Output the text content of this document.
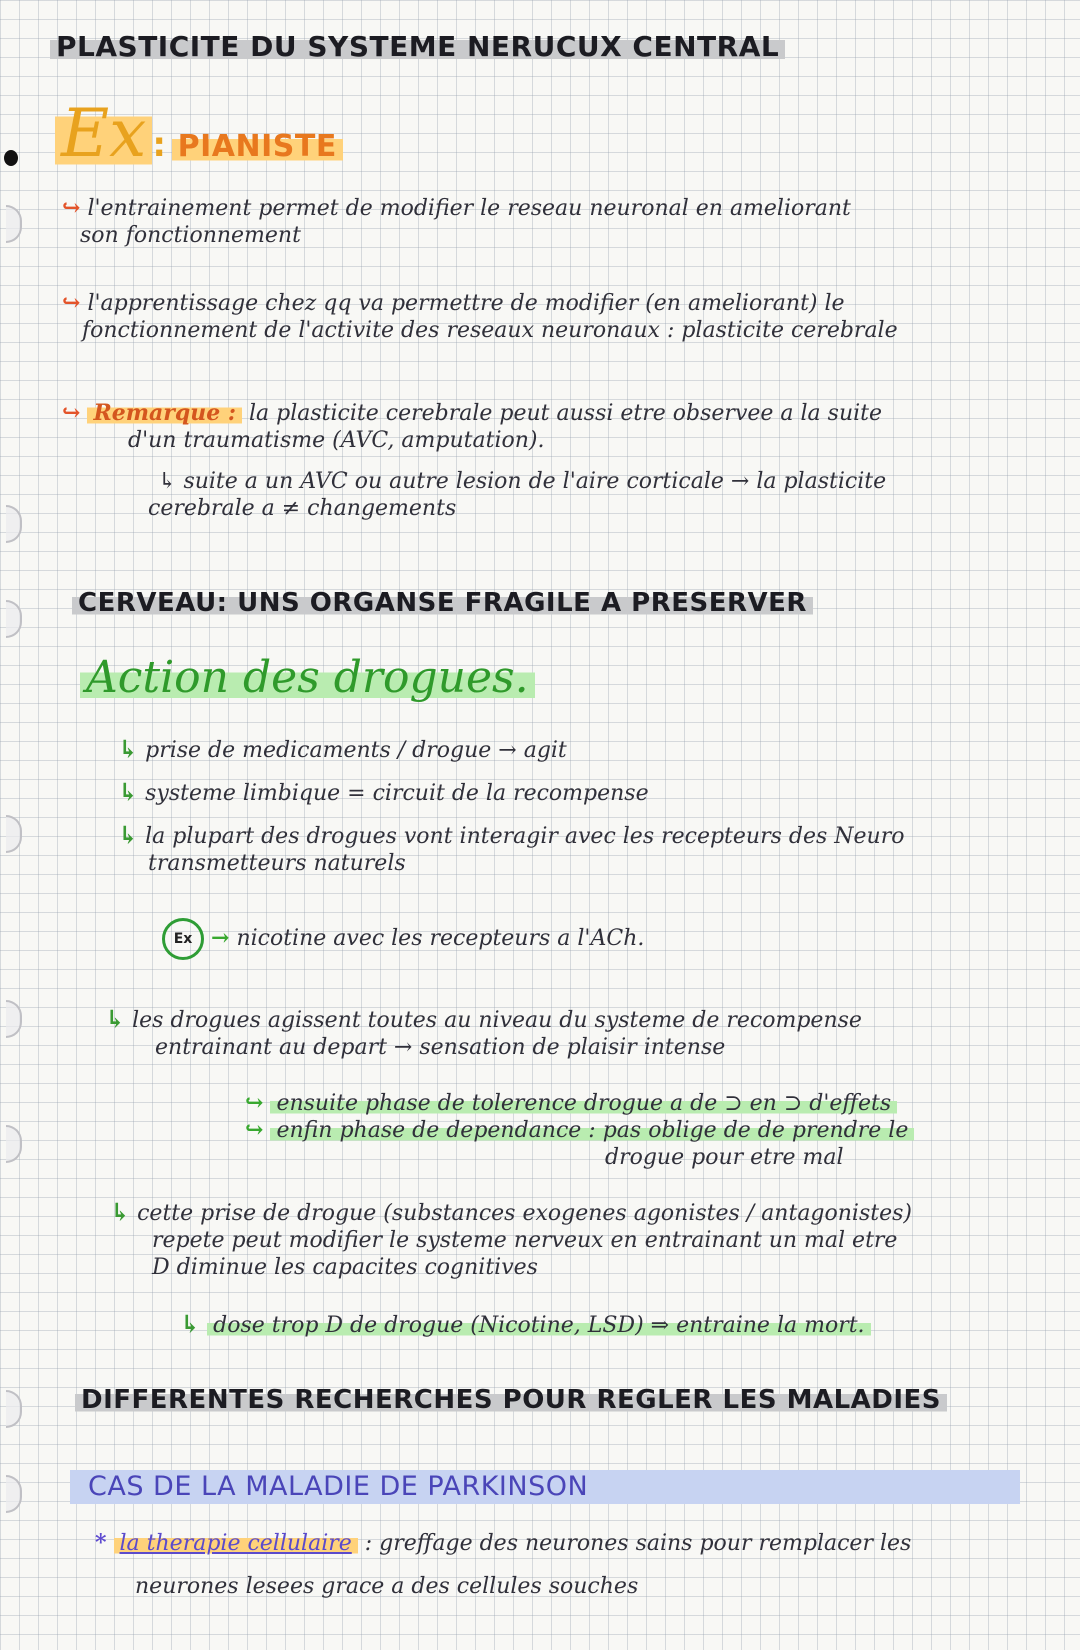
PLASTICITE DU SYSTEME NERUCUX CENTRAL
Ex : PIANISTE
↪ l'entrainement permet de modifier le reseau neuronal en ameliorant
son fonctionnement
↪ l'apprentissage chez qq va permettre de modifier (en ameliorant) le
fonctionnement de l'activite des reseaux neuronaux : plasticite cerebrale
↪ Remarque : la plasticite cerebrale peut aussi etre observee a la suite
d'un traumatisme (AVC, amputation).
↳ suite a un AVC ou autre lesion de l'aire corticale → la plasticite
cerebrale a ≠ changements
CERVEAU: UNS ORGANSE FRAGILE A PRESERVER
Action des drogues.
↳ prise de medicaments / drogue → agit
↳ systeme limbique = circuit de la recompense
↳ la plupart des drogues vont interagir avec les recepteurs des Neuro
transmetteurs naturels
Ex → nicotine avec les recepteurs a l'ACh.
↳ les drogues agissent toutes au niveau du systeme de recompense
entrainant au depart → sensation de plaisir intense
↪ ensuite phase de tolerence drogue a de ⊃ en ⊃ d'effets
↪ enfin phase de dependance : pas oblige de de prendre le
drogue pour etre mal
↳ cette prise de drogue (substances exogenes agonistes / antagonistes)
repete peut modifier le systeme nerveux en entrainant un mal etre
D diminue les capacites cognitives
↳ dose trop D de drogue (Nicotine, LSD) ⇒ entraine la mort.
DIFFERENTES RECHERCHES POUR REGLER LES MALADIES
CAS DE LA MALADIE DE PARKINSON
* la therapie cellulaire : greffage des neurones sains pour remplacer les
neurones lesees grace a des cellules souches
